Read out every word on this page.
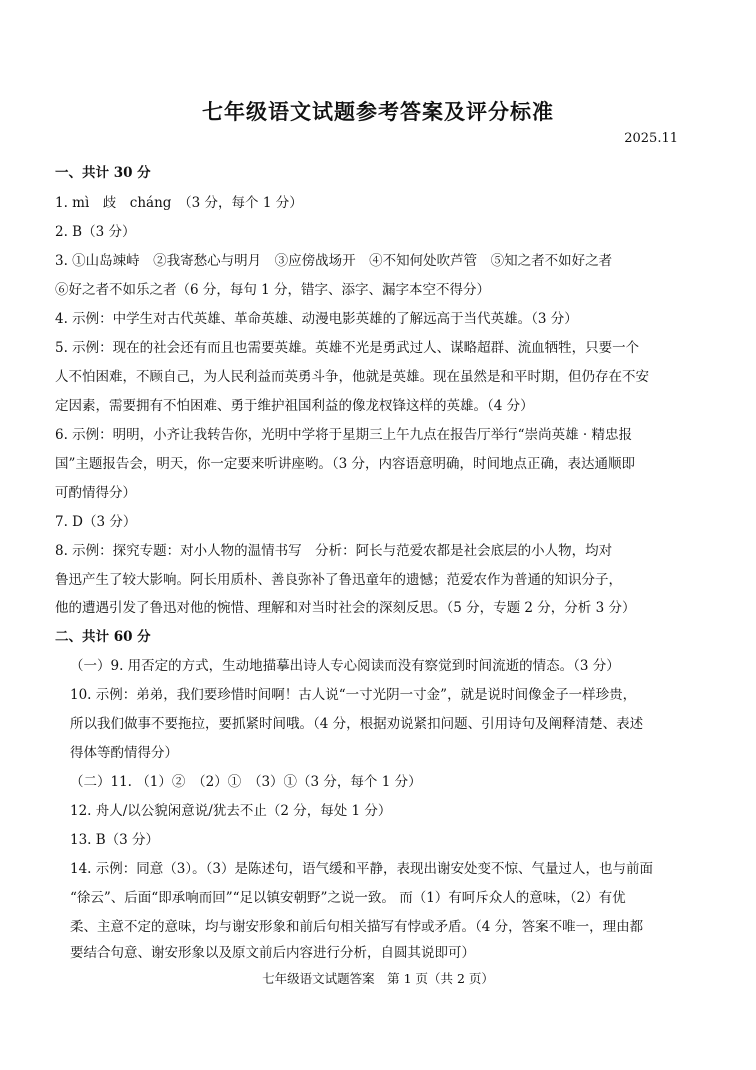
七年级语文试题参考答案及评分标准
2025.11
一、共计 30 分
1. mì　歧　cháng　（3 分，每个 1 分）
2. B（3 分）
3. ①山岛竦峙　②我寄愁心与明月　③应傍战场开　④不知何处吹芦管　⑤知之者不如好之者
⑥好之者不如乐之者（6 分，每句 1 分，错字、添字、漏字本空不得分）
4. 示例：中学生对古代英雄、革命英雄、动漫电影英雄的了解远高于当代英雄。（3 分）
5. 示例：现在的社会还有而且也需要英雄。英雄不光是勇武过人、谋略超群、流血牺牲，只要一个
人不怕困难，不顾自己，为人民利益而英勇斗争，他就是英雄。现在虽然是和平时期，但仍存在不安
定因素，需要拥有不怕困难、勇于维护祖国利益的像龙杈锋这样的英雄。（4 分）
6. 示例：明明，小齐让我转告你，光明中学将于星期三上午九点在报告厅举行“崇尚英雄 · 精忠报
国”主题报告会，明天，你一定要来听讲座哟。（3 分，内容语意明确，时间地点正确，表达通顺即
可酌情得分）
7. D（3 分）
8. 示例：探究专题：对小人物的温情书写　分析：阿长与范爱农都是社会底层的小人物，均对
鲁迅产生了较大影响。阿长用质朴、善良弥补了鲁迅童年的遗憾；范爱农作为普通的知识分子，
他的遭遇引发了鲁迅对他的惋惜、理解和对当时社会的深刻反思。（5 分，专题 2 分，分析 3 分）
二、共计 60 分
（一）9. 用否定的方式，生动地描摹出诗人专心阅读而没有察觉到时间流逝的情态。（3 分）
10. 示例：弟弟，我们要珍惜时间啊！古人说“一寸光阴一寸金”，就是说时间像金子一样珍贵，
所以我们做事不要拖拉，要抓紧时间哦。（4 分，根据劝说紧扣问题、引用诗句及阐释清楚、表述
得体等酌情得分）
（二）11. （1）②　（2）①　（3）①（3 分，每个 1 分）
12. 舟人/以公貌闲意说/犹去不止（2 分，每处 1 分）
13. B（3 分）
14. 示例：同意（3）。（3）是陈述句，语气缓和平静，表现出谢安处变不惊、气量过人，也与前面
“徐云”、后面“即承响而回”“足以镇安朝野”之说一致。 而（1）有呵斥众人的意味，（2）有优
柔、主意不定的意味，均与谢安形象和前后句相关描写有悖或矛盾。（4 分，答案不唯一，理由都
要结合句意、谢安形象以及原文前后内容进行分析，自圆其说即可）
七年级语文试题答案　第 1 页（共 2 页）
